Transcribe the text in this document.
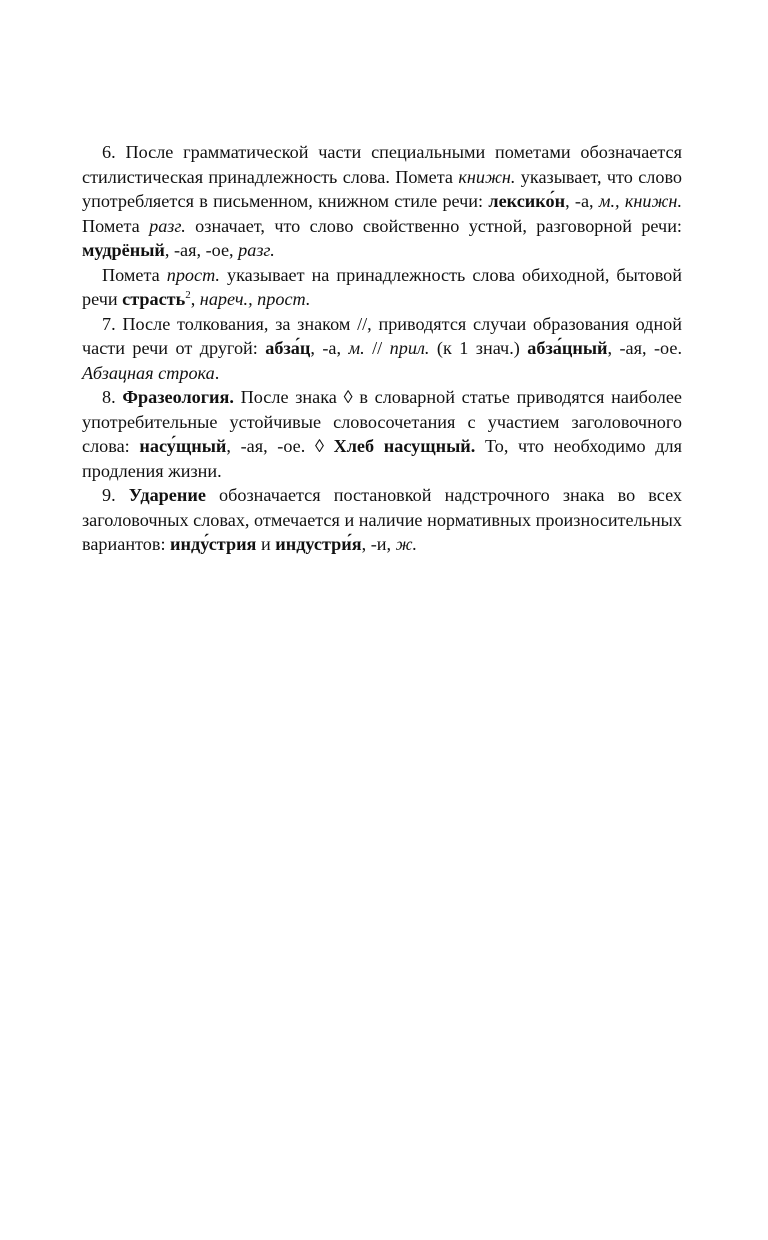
6. После грамматической части специальными пометами обозначается стилистическая принадлежность слова. Помета книжн. указывает, что слово употребляется в письменном, книжном стиле речи: лексико́н, -а, м., книжн. Помета разг. означает, что слово свойственно устной, разговорной речи: мудрёный, -ая, -ое, разг.

Помета прост. указывает на принадлежность слова обиходной, бытовой речи страсть$^2$, нареч., прост.

7. После толкования, за знаком //, приводятся случаи образования одной части речи от другой: абза́ц, -а, м. // прил. (к 1 знач.) абза́цный, -ая, -ое. Абзацная строка.

8. Фразеология. После знака ◊ в словарной статье приводятся наиболее употребительные устойчивые словосочетания с участием заголовочного слова: насу́щный, -ая, -ое. ◊ Хлеб насущный. То, что необходимо для продления жизни.

9. Ударение обозначается постановкой надстрочного знака во всех заголовочных словах, отмечается и наличие нормативных произносительных вариантов: инду́стрия и индустри́я, -и, ж.
